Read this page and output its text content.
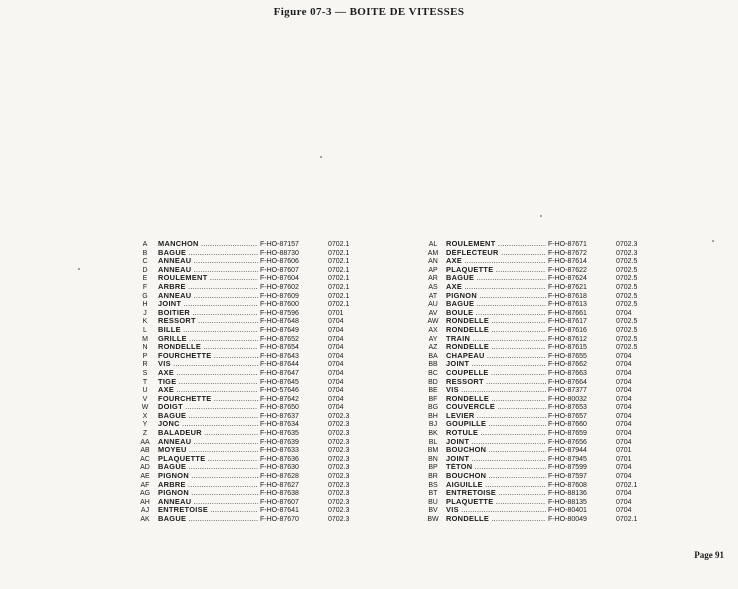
Figure 07-3 — BOITE DE VITESSES
A	MANCHON .....	F-HO-87157	0702.1
B	BAGUE .....	F-HO-88730	0702.1
C	ANNEAU .....	F-HO-87606	0702.1
D	ANNEAU .....	F-HO-87607	0702.1
E	ROULEMENT .....	F-HO-87604	0702.1
F	ARBRE .....	F-HO-87602	0702.1
G	ANNEAU .....	F-HO-87609	0702.1
H	JOINT .....	F-HO-87600	0702.1
J	BOITIER .....	F-HO-87596	0701
K	RESSORT .....	F-HO-87648	0704
L	BILLE .....	F-HO-87649	0704
M	GRILLE .....	F-HO-87652	0704
N	RONDELLE .....	F-HO-87654	0704
P	FOURCHETTE .....	F-HO-87643	0704
R	VIS .....	F-HO-87644	0704
S	AXE .....	F-HO-87647	0704
T	TIGE .....	F-HO-87645	0704
U	AXE .....	F-HO-57646	0704
V	FOURCHETTE .....	F-HO-87642	0704
W	DOIGT .....	F-HO-87650	0704
X	BAGUE .....	F-HO-87637	0702.3
Y	JONC .....	F-HO-87634	0702.3
Z	BALADEUR .....	F-HO-87635	0702.3
AA	ANNEAU .....	F-HO-87639	0702.3
AB	MOYEU .....	F-HO-87633	0702.3
AC	PLAQUETTE .....	F-HO-87636	0702.3
AD	BAGUE .....	F-HO-87630	0702.3
AE	PIGNON .....	F-HO-87628	0702.3
AF	ARBRE .....	F-HO-87627	0702.3
AG	PIGNON .....	F-HO-87638	0702.3
AH	ANNEAU .....	F-HO-87607	0702.3
AJ	ENTRETOISE .....	F-HO-87641	0702.3
AK	BAGUE .....	F-HO-87670	0702.3
AL	ROULEMENT .....	F-HO-87671	0702.3
AM	DÉFLECTEUR .....	F-HO-87672	0702.3
AN	AXE .....	F-HO-87614	0702.5
AP	PLAQUETTE .....	F-HO-87622	0702.5
AR	BAGUE .....	F-HO-87624	0702.5
AS	AXE .....	F-HO-87621	0702.5
AT	PIGNON .....	F-HO-87618	0702.5
AU	BAGUE .....	F-HO-87613	0702.5
AV	BOULE .....	F-HO-87661	0704
AW	RONDELLE .....	F-HO-87617	0702.5
AX	RONDELLE .....	F-HO-87616	0702.5
AY	TRAIN .....	F-HO-87612	0702.5
AZ	RONDELLE .....	F-HO-87615	0702.5
BA	CHAPEAU .....	F-HO-87655	0704
BB	JOINT .....	F-HO-87662	0704
BC	COUPELLE .....	F-HO-87663	0704
BD	RESSORT .....	F-HO-87664	0704
BE	VIS .....	F-HO-87377	0704
BF	RONDELLE .....	F-HO-80032	0704
BG	COUVERCLE .....	F-HO-87653	0704
BH	LEVIER .....	F-HO-87657	0704
BJ	GOUPILLE .....	F-HO-87660	0704
BK	ROTULE .....	F-HO-87659	0704
BL	JOINT .....	F-HO-87656	0704
BM	BOUCHON .....	F-HO-87944	0701
BN	JOINT .....	F-HO-87945	0701
BP	TÉTON .....	F-HO-87599	0704
BR	BOUCHON .....	F-HO-87597	0704
BS	AIGUILLE .....	F-HO-87608	0702.1
BT	ENTRETOISE .....	F-HO-88136	0704
BU	PLAQUETTE .....	F-HO-88135	0704
BV	VIS .....	F-HO-80401	0704
BW RONDELLE .....	F-HO-80049	0702.1
Page 91
